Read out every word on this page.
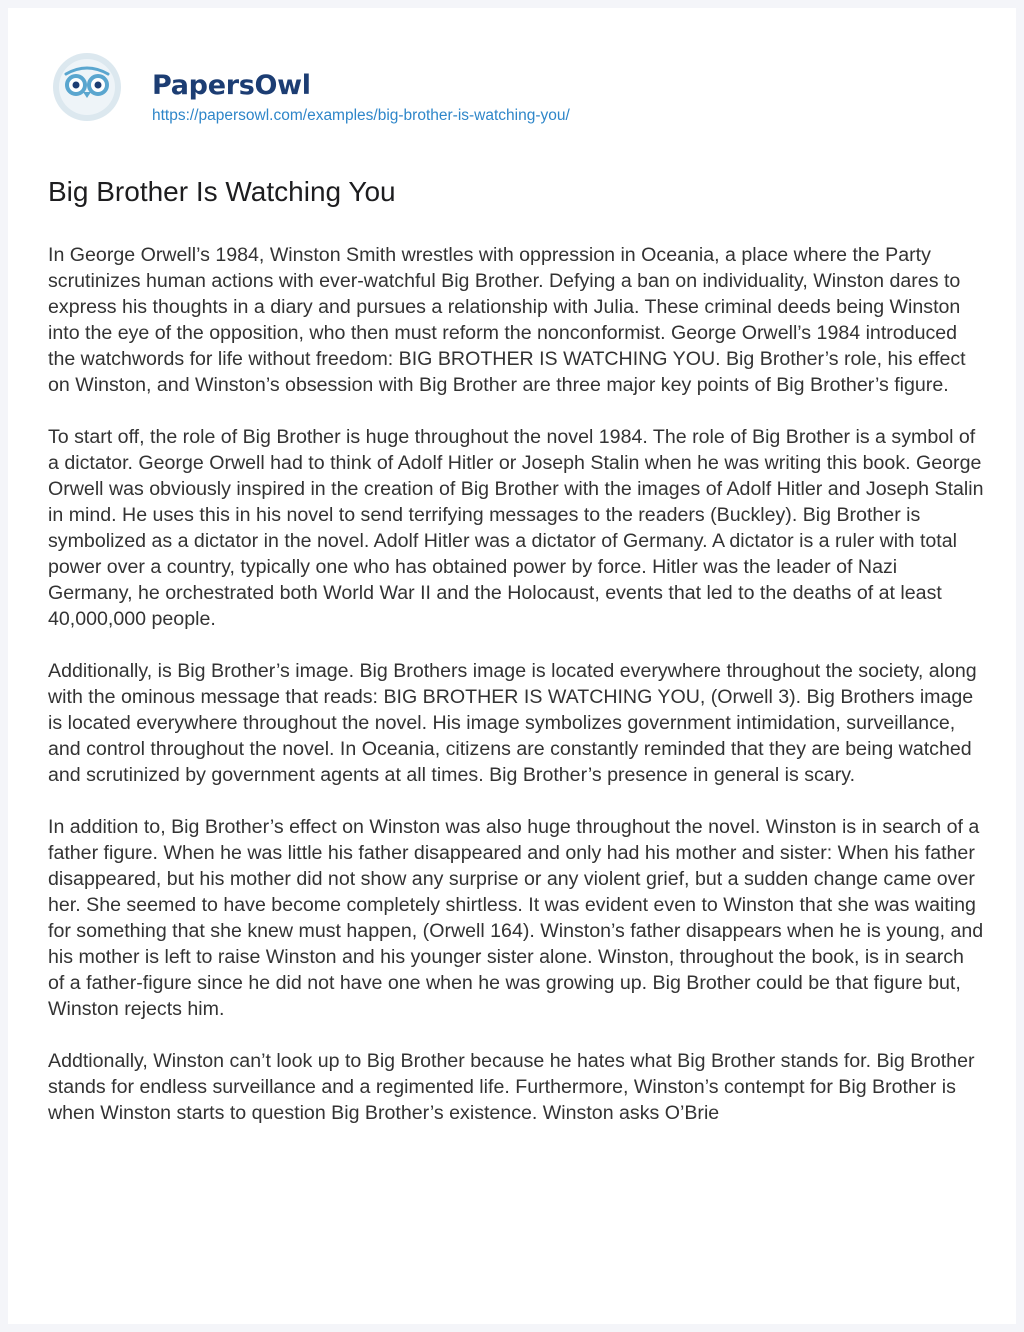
PapersOwl
https://papersowl.com/examples/big-brother-is-watching-you/
Big Brother Is Watching You

In George Orwell’s 1984, Winston Smith wrestles with oppression in Oceania, a place where the Party scrutinizes human actions with ever-watchful Big Brother. Defying a ban on individuality, Winston dares to express his thoughts in a diary and pursues a relationship with Julia. These criminal deeds being Winston into the eye of the opposition, who then must reform the nonconformist. George Orwell’s 1984 introduced the watchwords for life without freedom: BIG BROTHER IS WATCHING YOU. Big Brother’s role, his effect on Winston, and Winston’s obsession with Big Brother are three major key points of Big Brother’s figure.

To start off, the role of Big Brother is huge throughout the novel 1984. The role of Big Brother is a symbol of a dictator. George Orwell had to think of Adolf Hitler or Joseph Stalin when he was writing this book. George Orwell was obviously inspired in the creation of Big Brother with the images of Adolf Hitler and Joseph Stalin in mind. He uses this in his novel to send terrifying messages to the readers (Buckley). Big Brother is symbolized as a dictator in the novel. Adolf Hitler was a dictator of Germany. A dictator is a ruler with total power over a country, typically one who has obtained power by force. Hitler was the leader of Nazi Germany, he orchestrated both World War II and the Holocaust, events that led to the deaths of at least 40,000,000 people.

Additionally, is Big Brother’s image. Big Brothers image is located everywhere throughout the society, along with the ominous message that reads: BIG BROTHER IS WATCHING YOU, (Orwell 3). Big Brothers image is located everywhere throughout the novel. His image symbolizes government intimidation, surveillance, and control throughout the novel. In Oceania, citizens are constantly reminded that they are being watched and scrutinized by government agents at all times. Big Brother’s presence in general is scary.

In addition to, Big Brother’s effect on Winston was also huge throughout the novel. Winston is in search of a father figure. When he was little his father disappeared and only had his mother and sister: When his father disappeared, but his mother did not show any surprise or any violent grief, but a sudden change came over her. She seemed to have become completely shirtless. It was evident even to Winston that she was waiting for something that she knew must happen, (Orwell 164). Winston’s father disappears when he is young, and his mother is left to raise Winston and his younger sister alone. Winston, throughout the book, is in search of a father-figure since he did not have one when he was growing up. Big Brother could be that figure but, Winston rejects him.

Addtionally, Winston can’t look up to Big Brother because he hates what Big Brother stands for. Big Brother stands for endless surveillance and a regimented life. Furthermore, Winston’s contempt for Big Brother is when Winston starts to question Big Brother’s existence. Winston asks O’Brie
